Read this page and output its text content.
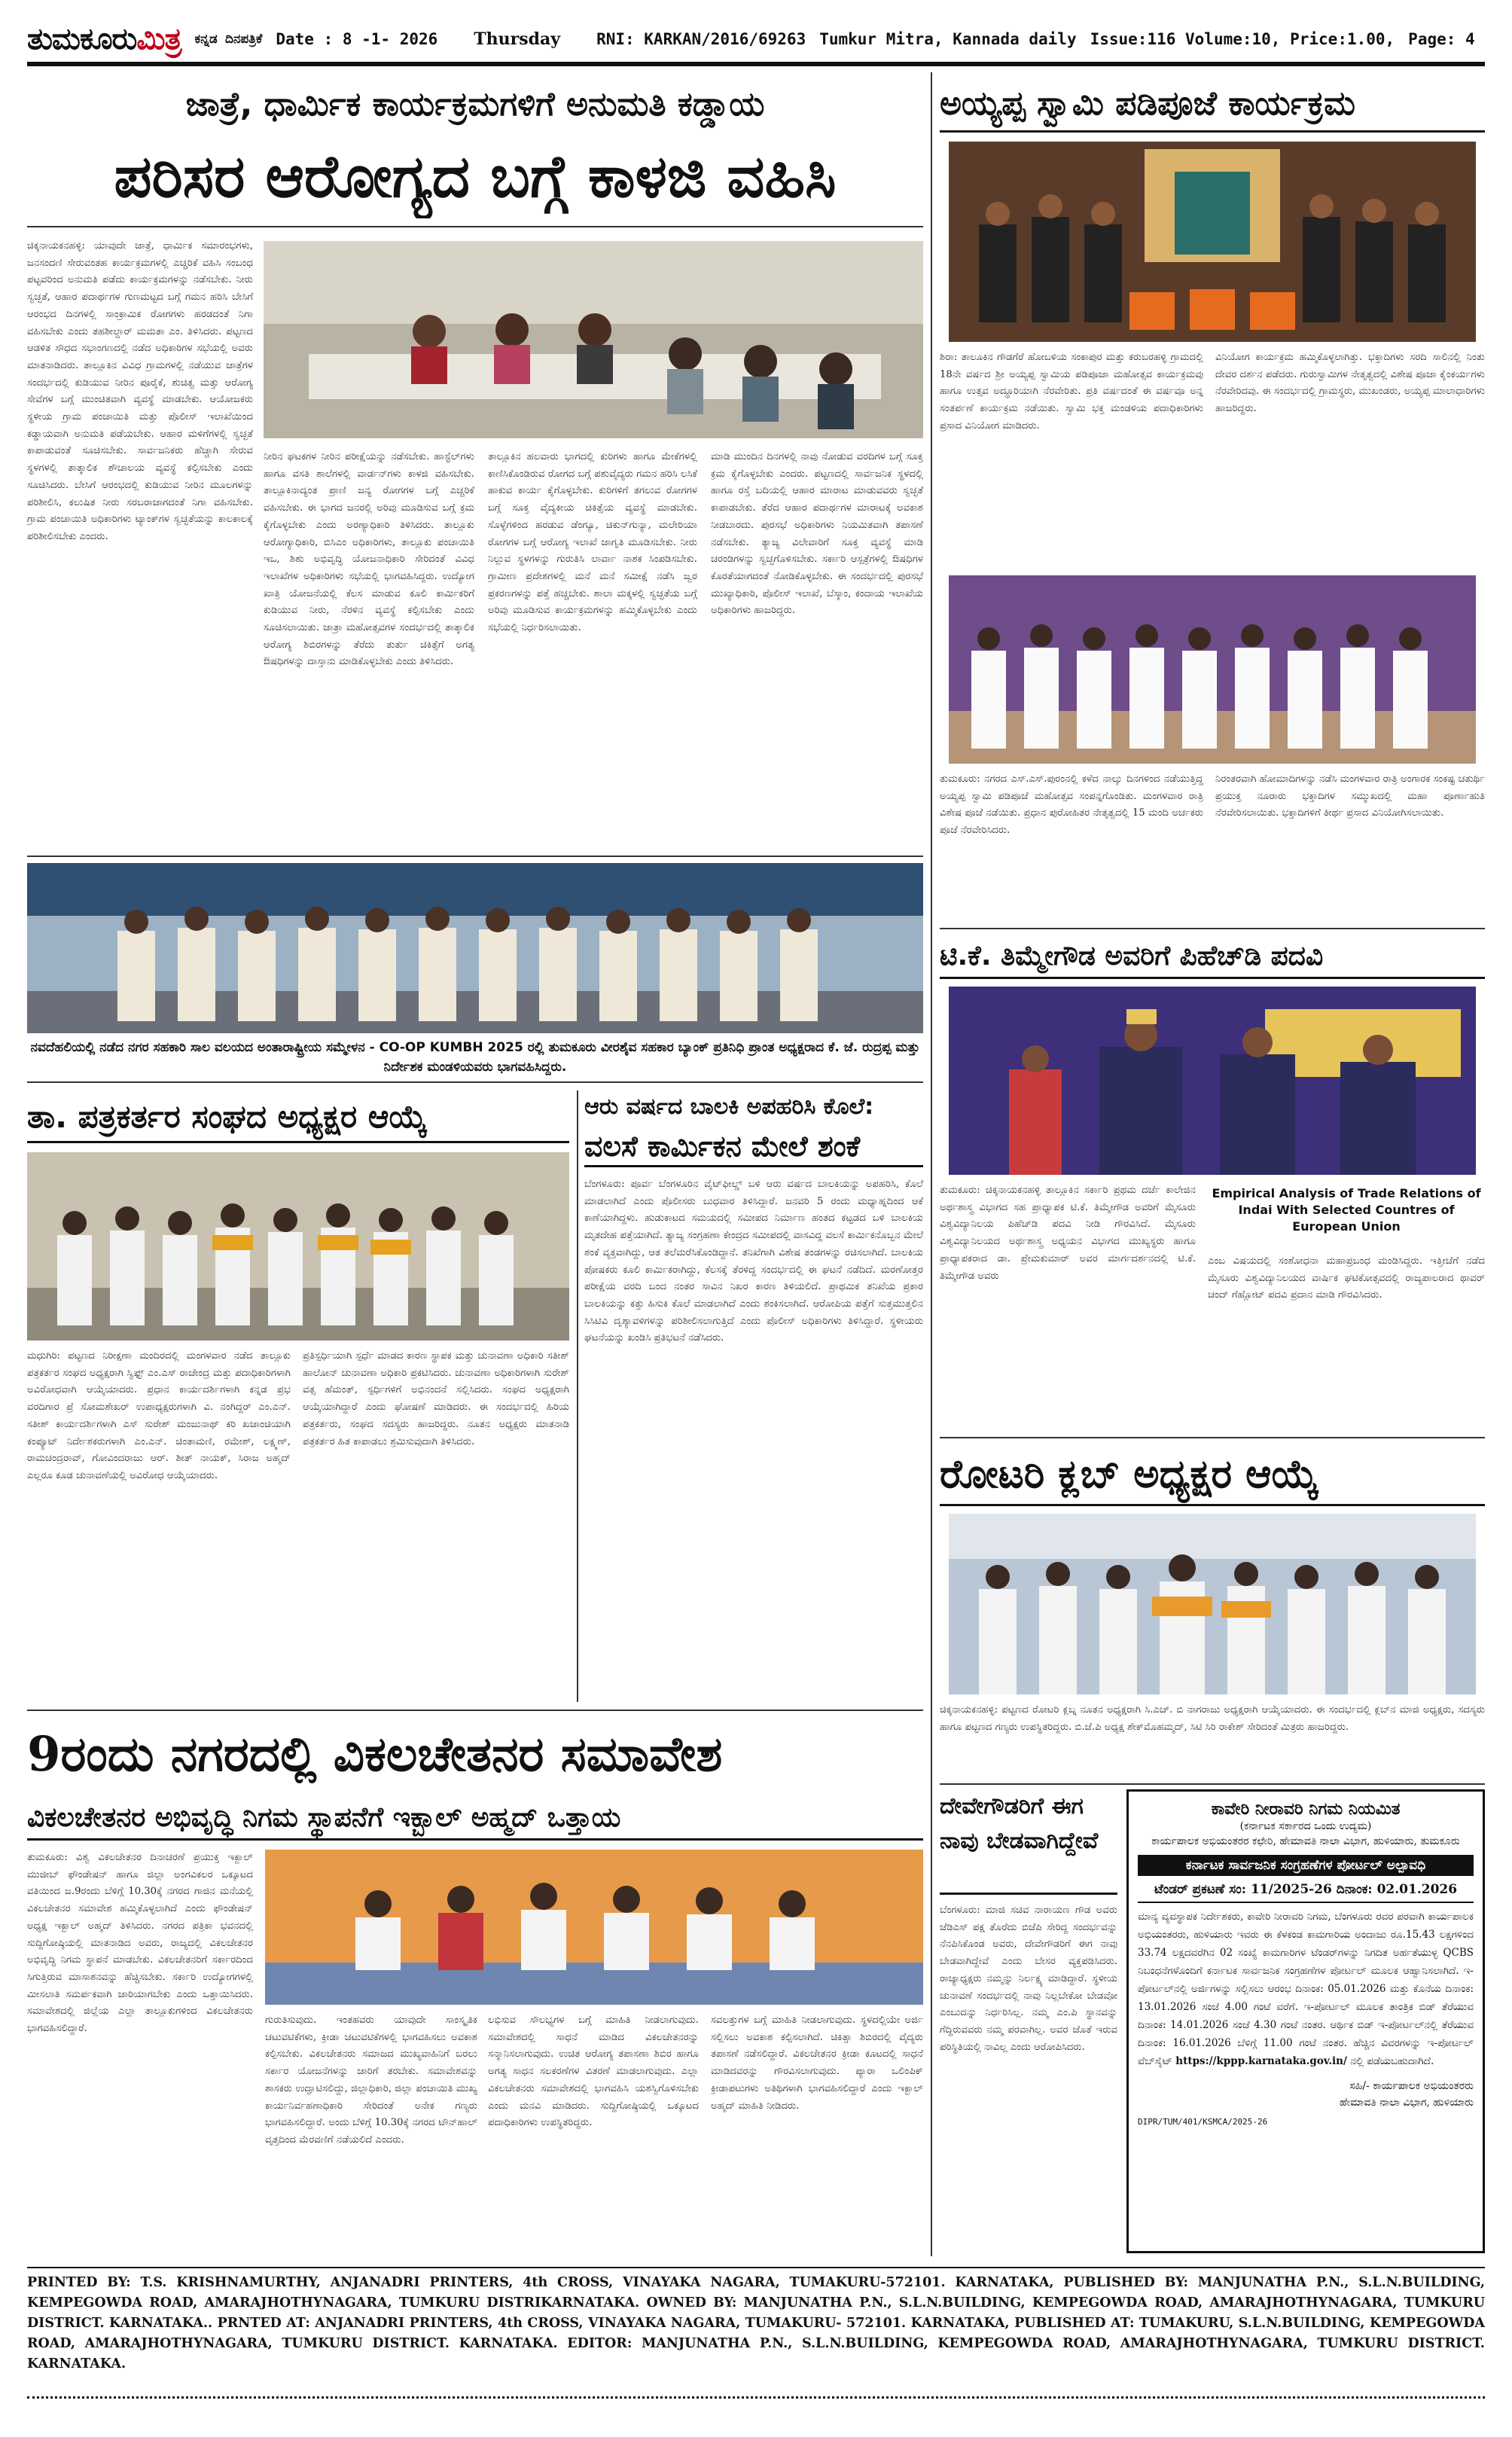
ತುಮಕೂರುಮಿತ್ರ ಕನ್ನಡ ದಿನಪತ್ರಿಕೆ Date : 8 -1- 2026 Thursday RNI: KARKAN/2016/69263 Tumkur Mitra, Kannada daily Issue:116 Volume:10, Price:1.00, Page: 4
ಜಾತ್ರೆ, ಧಾರ್ಮಿಕ ಕಾರ್ಯಕ್ರಮಗಳಿಗೆ ಅನುಮತಿ ಕಡ್ಡಾಯ
ಪರಿಸರ ಆರೋಗ್ಯದ ಬಗ್ಗೆ ಕಾಳಜಿ ವಹಿಸಿ
ಚಿಕ್ಕನಾಯಕನಹಳ್ಳಿ: ಯಾವುದೇ ಜಾತ್ರೆ, ಧಾರ್ಮಿಕ ಸಮಾರಂಭಗಳು, ಜನಸಂದಣಿ ಸೇರುವಂತಹ ಕಾರ್ಯಕ್ರಮಗಳಲ್ಲಿ ಎಚ್ಚರಿಕೆ ವಹಿಸಿ ಸಂಬಂಧ ಪಟ್ಟವರಿಂದ ಅನುಮತಿ ಪಡೆದು ಕಾರ್ಯಕ್ರಮಗಳನ್ನು ನಡೆಸಬೇಕು. ನೀರು ಸ್ವಚ್ಛತೆ, ಆಹಾರ ಪದಾರ್ಥಗಳ ಗುಣಮಟ್ಟದ ಬಗ್ಗೆ ಗಮನ ಹರಿಸಿ ಬೇಸಿಗೆ ಆರಂಭದ ದಿನಗಳಲ್ಲಿ ಸಾಂಕ್ರಾಮಿಕ ರೋಗಗಳು ಹರಡದಂತೆ ನಿಗಾ ವಹಿಸಬೇಕು ಎಂದು ತಹಶೀಲ್ದಾರ್ ಮಮತಾ ಎಂ. ತಿಳಿಸಿದರು. ಪಟ್ಟಣದ ಆಡಳಿತ ಸೌಧದ ಸಭಾಂಗಣದಲ್ಲಿ ನಡೆದ ಅಧಿಕಾರಿಗಳ ಸಭೆಯಲ್ಲಿ ಅವರು ಮಾತನಾಡಿದರು. ತಾಲ್ಲೂಕಿನ ವಿವಿಧ ಗ್ರಾಮಗಳಲ್ಲಿ ನಡೆಯುವ ಜಾತ್ರೆಗಳ ಸಂದರ್ಭದಲ್ಲಿ ಕುಡಿಯುವ ನೀರಿನ ಪೂರೈಕೆ, ಶುಚಿತ್ವ ಮತ್ತು ಆರೋಗ್ಯ ಸೇವೆಗಳ ಬಗ್ಗೆ ಮುಂಚಿತವಾಗಿ ವ್ಯವಸ್ಥೆ ಮಾಡಬೇಕು. ಆಯೋಜಕರು ಸ್ಥಳೀಯ ಗ್ರಾಮ ಪಂಚಾಯಿತಿ ಮತ್ತು ಪೊಲೀಸ್ ಇಲಾಖೆಯಿಂದ ಕಡ್ಡಾಯವಾಗಿ ಅನುಮತಿ ಪಡೆಯಬೇಕು. ಆಹಾರ ಮಳಿಗೆಗಳಲ್ಲಿ ಸ್ವಚ್ಛತೆ ಕಾಪಾಡುವಂತೆ ಸೂಚಿಸಬೇಕು. ಸಾರ್ವಜನಿಕರು ಹೆಚ್ಚಾಗಿ ಸೇರುವ ಸ್ಥಳಗಳಲ್ಲಿ ತಾತ್ಕಾಲಿಕ ಶೌಚಾಲಯ ವ್ಯವಸ್ಥೆ ಕಲ್ಪಿಸಬೇಕು ಎಂದು ಸೂಚಿಸಿದರು. ಬೇಸಿಗೆ ಆರಂಭದಲ್ಲಿ ಕುಡಿಯುವ ನೀರಿನ ಮೂಲಗಳನ್ನು ಪರಿಶೀಲಿಸಿ, ಕಲುಷಿತ ನೀರು ಸರಬರಾಜಾಗದಂತೆ ನಿಗಾ ವಹಿಸಬೇಕು. ಗ್ರಾಮ ಪಂಚಾಯಿತಿ ಅಧಿಕಾರಿಗಳು ಟ್ಯಾಂಕ್‌ಗಳ ಸ್ವಚ್ಛತೆಯನ್ನು ಕಾಲಕಾಲಕ್ಕೆ ಪರಿಶೀಲಿಸಬೇಕು ಎಂದರು.
ನೀರಿನ ಘಟಕಗಳ ನೀರಿನ ಪರೀಕ್ಷೆಯನ್ನು ನಡೆಸಬೇಕು. ಹಾಸ್ಟೆಲ್‌ಗಳು ಹಾಗೂ ವಸತಿ ಶಾಲೆಗಳಲ್ಲಿ ವಾರ್ಡನ್‌ಗಳು ಕಾಳಜಿ ವಹಿಸಬೇಕು. ತಾಲ್ಲೂಕಿನಾದ್ಯಂತ ಪ್ರಾಣಿ ಜನ್ಯ ರೋಗಗಳ ಬಗ್ಗೆ ಎಚ್ಚರಿಕೆ ವಹಿಸಬೇಕು. ಈ ಭಾಗದ ಜನರಲ್ಲಿ ಅರಿವು ಮೂಡಿಸುವ ಬಗ್ಗೆ ಕ್ರಮ ಕೈಗೊಳ್ಳಬೇಕು ಎಂದು ಅರಣ್ಯಾಧಿಕಾರಿ ತಿಳಿಸಿದರು. ತಾಲ್ಲೂಕು ಆರೋಗ್ಯಾಧಿಕಾರಿ, ಬಿಸಿಎಂ ಅಧಿಕಾರಿಗಳು, ತಾಲ್ಲೂಕು ಪಂಚಾಯಿತಿ ಇಒ, ಶಿಶು ಅಭಿವೃದ್ಧಿ ಯೋಜನಾಧಿಕಾರಿ ಸೇರಿದಂತೆ ವಿವಿಧ ಇಲಾಖೆಗಳ ಅಧಿಕಾರಿಗಳು ಸಭೆಯಲ್ಲಿ ಭಾಗವಹಿಸಿದ್ದರು. ಉದ್ಯೋಗ ಖಾತ್ರಿ ಯೋಜನೆಯಲ್ಲಿ ಕೆಲಸ ಮಾಡುವ ಕೂಲಿ ಕಾರ್ಮಿಕರಿಗೆ ಕುಡಿಯುವ ನೀರು, ನೆರಳಿನ ವ್ಯವಸ್ಥೆ ಕಲ್ಪಿಸಬೇಕು ಎಂದು ಸೂಚಿಸಲಾಯಿತು. ಜಾತ್ರಾ ಮಹೋತ್ಸವಗಳ ಸಂದರ್ಭದಲ್ಲಿ ತಾತ್ಕಾಲಿಕ ಆರೋಗ್ಯ ಶಿಬಿರಗಳನ್ನು ತೆರೆದು ತುರ್ತು ಚಿಕಿತ್ಸೆಗೆ ಅಗತ್ಯ ಔಷಧಿಗಳನ್ನು ದಾಸ್ತಾನು ಮಾಡಿಕೊಳ್ಳಬೇಕು ಎಂದು ತಿಳಿಸಿದರು.
ತಾಲ್ಲೂಕಿನ ಹಲವಾರು ಭಾಗದಲ್ಲಿ ಕುರಿಗಳು ಹಾಗೂ ಮೇಕೆಗಳಲ್ಲಿ ಕಾಣಿಸಿಕೊಂಡಿರುವ ರೋಗದ ಬಗ್ಗೆ ಪಶುವೈದ್ಯರು ಗಮನ ಹರಿಸಿ ಲಸಿಕೆ ಹಾಕುವ ಕಾರ್ಯ ಕೈಗೊಳ್ಳಬೇಕು. ಕುರಿಗಳಿಗೆ ತಗಲುವ ರೋಗಗಳ ಬಗ್ಗೆ ಸೂಕ್ತ ವೈದ್ಯಕೀಯ ಚಿಕಿತ್ಸೆಯ ವ್ಯವಸ್ಥೆ ಮಾಡಬೇಕು. ಸೊಳ್ಳೆಗಳಿಂದ ಹರಡುವ ಡೆಂಗ್ಯೂ, ಚಿಕುನ್‌ಗುನ್ಯಾ, ಮಲೇರಿಯಾ ರೋಗಗಳ ಬಗ್ಗೆ ಆರೋಗ್ಯ ಇಲಾಖೆ ಜಾಗೃತಿ ಮೂಡಿಸಬೇಕು. ನೀರು ನಿಲ್ಲುವ ಸ್ಥಳಗಳನ್ನು ಗುರುತಿಸಿ ಲಾರ್ವಾ ನಾಶಕ ಸಿಂಪಡಿಸಬೇಕು. ಗ್ರಾಮೀಣ ಪ್ರದೇಶಗಳಲ್ಲಿ ಮನೆ ಮನೆ ಸಮೀಕ್ಷೆ ನಡೆಸಿ ಜ್ವರ ಪ್ರಕರಣಗಳನ್ನು ಪತ್ತೆ ಹಚ್ಚಬೇಕು. ಶಾಲಾ ಮಕ್ಕಳಲ್ಲಿ ಸ್ವಚ್ಛತೆಯ ಬಗ್ಗೆ ಅರಿವು ಮೂಡಿಸುವ ಕಾರ್ಯಕ್ರಮಗಳನ್ನು ಹಮ್ಮಿಕೊಳ್ಳಬೇಕು ಎಂದು ಸಭೆಯಲ್ಲಿ ನಿರ್ಧರಿಸಲಾಯಿತು.
ಮಾಡಿ ಮುಂದಿನ ದಿನಗಳಲ್ಲಿ ನಾವು ನೋಡುವ ವರದಿಗಳ ಬಗ್ಗೆ ಸೂಕ್ತ ಕ್ರಮ ಕೈಗೊಳ್ಳಬೇಕು ಎಂದರು. ಪಟ್ಟಣದಲ್ಲಿ ಸಾರ್ವಜನಿಕ ಸ್ಥಳದಲ್ಲಿ ಹಾಗೂ ರಸ್ತೆ ಬದಿಯಲ್ಲಿ ಆಹಾರ ಮಾರಾಟ ಮಾಡುವವರು ಸ್ವಚ್ಛತೆ ಕಾಪಾಡಬೇಕು. ತೆರೆದ ಆಹಾರ ಪದಾರ್ಥಗಳ ಮಾರಾಟಕ್ಕೆ ಅವಕಾಶ ನೀಡಬಾರದು. ಪುರಸಭೆ ಅಧಿಕಾರಿಗಳು ನಿಯಮಿತವಾಗಿ ತಪಾಸಣೆ ನಡೆಸಬೇಕು. ತ್ಯಾಜ್ಯ ವಿಲೇವಾರಿಗೆ ಸೂಕ್ತ ವ್ಯವಸ್ಥೆ ಮಾಡಿ ಚರಂಡಿಗಳನ್ನು ಸ್ವಚ್ಛಗೊಳಿಸಬೇಕು. ಸರ್ಕಾರಿ ಆಸ್ಪತ್ರೆಗಳಲ್ಲಿ ಔಷಧಿಗಳ ಕೊರತೆಯಾಗದಂತೆ ನೋಡಿಕೊಳ್ಳಬೇಕು. ಈ ಸಂದರ್ಭದಲ್ಲಿ ಪುರಸಭೆ ಮುಖ್ಯಾಧಿಕಾರಿ, ಪೊಲೀಸ್ ಇಲಾಖೆ, ಬೆಸ್ಕಾಂ, ಕಂದಾಯ ಇಲಾಖೆಯ ಅಧಿಕಾರಿಗಳು ಹಾಜರಿದ್ದರು.
ನವದೆಹಲಿಯಲ್ಲಿ ನಡೆದ ನಗರ ಸಹಕಾರಿ ಸಾಲ ವಲಯದ ಅಂತಾರಾಷ್ಟ್ರೀಯ ಸಮ್ಮೇಳನ - CO-OP KUMBH 2025 ರಲ್ಲಿ ತುಮಕೂರು ವೀರಶೈವ ಸಹಕಾರ ಬ್ಯಾಂಕ್ ಪ್ರತಿನಿಧಿ ಪ್ರಾಂತ ಅಧ್ಯಕ್ಷರಾದ ಕೆ. ಜೆ. ರುದ್ರಪ್ಪ ಮತ್ತು ನಿರ್ದೇಶಕ ಮಂಡಳಿಯವರು ಭಾಗವಹಿಸಿದ್ದರು.
ತಾ. ಪತ್ರಕರ್ತರ ಸಂಘದ ಅಧ್ಯಕ್ಷರ ಆಯ್ಕೆ
ಮಧುಗಿರಿ: ಪಟ್ಟಣದ ನಿರೀಕ್ಷಣಾ ಮಂದಿರದಲ್ಲಿ ಮಂಗಳವಾರ ನಡೆದ ತಾಲ್ಲೂಕು ಪತ್ರಕರ್ತರ ಸಂಘದ ಅಧ್ಯಕ್ಷರಾಗಿ ಸ್ವಿಫ್ಟ್ ಎಂ.ಎಸ್ ರಾಜೇಂದ್ರ ಮತ್ತು ಪದಾಧಿಕಾರಿಗಳಾಗಿ ಅವಿರೋಧವಾಗಿ ಆಯ್ಕೆಯಾದರು. ಪ್ರಧಾನ ಕಾರ್ಯದರ್ಶಿಗಳಾಗಿ ಕನ್ನಡ ಪ್ರಭ ವರದಿಗಾರ ಪ್ರೆ ಸೋಮಶೇಖರ್ ಉಪಾಧ್ಯಕ್ಷರುಗಳಾಗಿ ವಿ. ನಂಗಿದ್ದರ್ ಎಂ.ಎನ್. ಸತೀಶ್ ಕಾರ್ಯದರ್ಶಿಗಳಾಗಿ ಎಸ್ ಸುರೇಶ್ ಮಂಜುನಾಥ್ ಕರಿ ಖಜಾಂಚಿಯಾಗಿ ಕಂಪ್ಯೂಟ್ ನಿರ್ದೇಶಕರುಗಳಾಗಿ ಎಂ.ಎನ್. ಚಿಂತಾಮಣಿ, ರಮೇಶ್, ಲಕ್ಷ್ಮಣ್, ರಾಮಚಂದ್ರರಾವ್, ಗೋವಿಂದರಾಜು ಆರ್. ಶೀತ್ ನಾಯಕ್, ಸಿರಾಜ ಅಹ್ಮದ್ ಎಲ್ಲರೂ ಕೂಡ ಚುನಾವಣೆಯಲ್ಲಿ ಅವಿರೋಧ ಆಯ್ಕೆಯಾದರು.
ಪ್ರತಿಸ್ಪರ್ಧಿಯಾಗಿ ಸ್ಪರ್ಧೆ ಮಾಡದ ಕಾರಣ ಸ್ಥಾಪಕ ಮತ್ತು ಚುನಾವಣಾ ಅಧಿಕಾರಿ ಸತೀಶ್ ಹಾಲೋನ್ ಚುನಾವಣಾ ಅಧಿಕಾರಿ ಪ್ರಕಟಿಸಿದರು. ಚುನಾವಣಾ ಅಧಿಕಾರಿಗಳಾಗಿ ಸುರೇಶ್ ವತ್ಸ ಹೆಮಂತ್, ಸ್ಪರ್ಧಿಗಳಿಗೆ ಅಭಿನಂದನೆ ಸಲ್ಲಿಸಿದರು. ಸಂಘದ ಅಧ್ಯಕ್ಷರಾಗಿ ಆಯ್ಕೆಯಾಗಿದ್ದಾರೆ ಎಂದು ಘೋಷಣೆ ಮಾಡಿದರು. ಈ ಸಂದರ್ಭದಲ್ಲಿ ಹಿರಿಯ ಪತ್ರಕರ್ತರು, ಸಂಘದ ಸದಸ್ಯರು ಹಾಜರಿದ್ದರು. ನೂತನ ಅಧ್ಯಕ್ಷರು ಮಾತನಾಡಿ ಪತ್ರಕರ್ತರ ಹಿತ ಕಾಪಾಡಲು ಶ್ರಮಿಸುವುದಾಗಿ ತಿಳಿಸಿದರು.
ಆರು ವರ್ಷದ ಬಾಲಕಿ ಅಪಹರಿಸಿ ಕೊಲೆ:
ವಲಸೆ ಕಾರ್ಮಿಕನ ಮೇಲೆ ಶಂಕೆ
ಬೆಂಗಳೂರು: ಪೂರ್ವ ಬೆಂಗಳೂರಿನ ವೈಟ್‌ಫೀಲ್ಡ್ ಬಳಿ ಆರು ವರ್ಷದ ಬಾಲಕಿಯನ್ನು ಅಪಹರಿಸಿ, ಕೊಲೆ ಮಾಡಲಾಗಿದೆ ಎಂದು ಪೊಲೀಸರು ಬುಧವಾರ ತಿಳಿಸಿದ್ದಾರೆ. ಜನವರಿ 5 ರಂದು ಮಧ್ಯಾಹ್ನದಿಂದ ಆಕೆ ಕಾಣೆಯಾಗಿದ್ದಳು. ಹುಡುಕಾಟದ ಸಮಯದಲ್ಲಿ ಸಮೀಪದ ನಿರ್ಮಾಣ ಹಂತದ ಕಟ್ಟಡದ ಬಳಿ ಬಾಲಕಿಯ ಮೃತದೇಹ ಪತ್ತೆಯಾಗಿದೆ. ತ್ಯಾಜ್ಯ ಸಂಗ್ರಹಣಾ ಕೇಂದ್ರದ ಸಮೀಪದಲ್ಲಿ ವಾಸವಿದ್ದ ವಲಸೆ ಕಾರ್ಮಿಕನೊಬ್ಬನ ಮೇಲೆ ಶಂಕೆ ವ್ಯಕ್ತವಾಗಿದ್ದು, ಆತ ತಲೆಮರೆಸಿಕೊಂಡಿದ್ದಾನೆ. ತನಿಖೆಗಾಗಿ ವಿಶೇಷ ತಂಡಗಳನ್ನು ರಚಿಸಲಾಗಿದೆ. ಬಾಲಕಿಯ ಪೋಷಕರು ಕೂಲಿ ಕಾರ್ಮಿಕರಾಗಿದ್ದು, ಕೆಲಸಕ್ಕೆ ತೆರಳಿದ್ದ ಸಂದರ್ಭದಲ್ಲಿ ಈ ಘಟನೆ ನಡೆದಿದೆ. ಮರಣೋತ್ತರ ಪರೀಕ್ಷೆಯ ವರದಿ ಬಂದ ನಂತರ ಸಾವಿನ ನಿಖರ ಕಾರಣ ತಿಳಿಯಲಿದೆ. ಪ್ರಾಥಮಿಕ ತನಿಖೆಯ ಪ್ರಕಾರ ಬಾಲಕಿಯನ್ನು ಕತ್ತು ಹಿಸುಕಿ ಕೊಲೆ ಮಾಡಲಾಗಿದೆ ಎಂದು ಶಂಕಿಸಲಾಗಿದೆ. ಆರೋಪಿಯ ಪತ್ತೆಗೆ ಸುತ್ತಮುತ್ತಲಿನ ಸಿಸಿಟಿವಿ ದೃಶ್ಯಾವಳಿಗಳನ್ನು ಪರಿಶೀಲಿಸಲಾಗುತ್ತಿದೆ ಎಂದು ಪೊಲೀಸ್ ಅಧಿಕಾರಿಗಳು ತಿಳಿಸಿದ್ದಾರೆ. ಸ್ಥಳೀಯರು ಘಟನೆಯನ್ನು ಖಂಡಿಸಿ ಪ್ರತಿಭಟನೆ ನಡೆಸಿದರು.
9ರಂದು ನಗರದಲ್ಲಿ ವಿಕಲಚೇತನರ ಸಮಾವೇಶ
ವಿಕಲಚೇತನರ ಅಭಿವೃದ್ಧಿ ನಿಗಮ ಸ್ಥಾಪನೆಗೆ ಇಕ್ಬಾಲ್ ಅಹ್ಮದ್ ಒತ್ತಾಯ
ತುಮಕೂರು: ವಿಶ್ವ ವಿಕಲಚೇತನರ ದಿನಾಚರಣೆ ಪ್ರಯುಕ್ತ ಇಕ್ಬಾಲ್ ಮುಜೀಬ್ ಫೌಂಡೇಷನ್ ಹಾಗೂ ಜಿಲ್ಲಾ ಅಂಗವಿಕಲರ ಒಕ್ಕೂಟದ ವತಿಯಿಂದ ಜ.9ರಂದು ಬೆಳಿಗ್ಗೆ 10.30ಕ್ಕೆ ನಗರದ ಗಾಜಿನ ಮನೆಯಲ್ಲಿ ವಿಕಲಚೇತನರ ಸಮಾವೇಶ ಹಮ್ಮಿಕೊಳ್ಳಲಾಗಿದೆ ಎಂದು ಫೌಂಡೇಷನ್ ಅಧ್ಯಕ್ಷ ಇಕ್ಬಾಲ್ ಅಹ್ಮದ್ ತಿಳಿಸಿದರು. ನಗರದ ಪತ್ರಿಕಾ ಭವನದಲ್ಲಿ ಸುದ್ದಿಗೋಷ್ಠಿಯಲ್ಲಿ ಮಾತನಾಡಿದ ಅವರು, ರಾಜ್ಯದಲ್ಲಿ ವಿಕಲಚೇತನರ ಅಭಿವೃದ್ಧಿ ನಿಗಮ ಸ್ಥಾಪನೆ ಮಾಡಬೇಕು. ವಿಕಲಚೇತನರಿಗೆ ಸರ್ಕಾರದಿಂದ ಸಿಗುತ್ತಿರುವ ಮಾಸಾಶನವನ್ನು ಹೆಚ್ಚಿಸಬೇಕು. ಸರ್ಕಾರಿ ಉದ್ಯೋಗಗಳಲ್ಲಿ ಮೀಸಲಾತಿ ಸಮರ್ಪಕವಾಗಿ ಜಾರಿಯಾಗಬೇಕು ಎಂದು ಒತ್ತಾಯಿಸಿದರು. ಸಮಾವೇಶದಲ್ಲಿ ಜಿಲ್ಲೆಯ ಎಲ್ಲಾ ತಾಲ್ಲೂಕುಗಳಿಂದ ವಿಕಲಚೇತನರು ಭಾಗವಹಿಸಲಿದ್ದಾರೆ.
ಗುರುತಿಸುವುದು. ಇಂತಹವರು ಯಾವುದೇ ಸಾಂಸ್ಕೃತಿಕ ಚಟುವಟಿಕೆಗಳು, ಕ್ರೀಡಾ ಚಟುವಟಿಕೆಗಳಲ್ಲಿ ಭಾಗವಹಿಸಲು ಅವಕಾಶ ಕಲ್ಪಿಸಬೇಕು. ವಿಕಲಚೇತನರು ಸಮಾಜದ ಮುಖ್ಯವಾಹಿನಿಗೆ ಬರಲು ಸರ್ಕಾರ ಯೋಜನೆಗಳನ್ನು ಜಾರಿಗೆ ತರಬೇಕು. ಸಮಾವೇಶವನ್ನು ಶಾಸಕರು ಉದ್ಘಾಟಿಸಲಿದ್ದು, ಜಿಲ್ಲಾಧಿಕಾರಿ, ಜಿಲ್ಲಾ ಪಂಚಾಯಿತಿ ಮುಖ್ಯ ಕಾರ್ಯನಿರ್ವಹಣಾಧಿಕಾರಿ ಸೇರಿದಂತೆ ಅನೇಕ ಗಣ್ಯರು ಭಾಗವಹಿಸಲಿದ್ದಾರೆ. ಅಂದು ಬೆಳಿಗ್ಗೆ 10.30ಕ್ಕೆ ನಗರದ ಟೌನ್‌ಹಾಲ್ ವೃತ್ತದಿಂದ ಮೆರವಣಿಗೆ ನಡೆಯಲಿದೆ ಎಂದರು.
ಲಭಿಸುವ ಸೌಲಭ್ಯಗಳ ಬಗ್ಗೆ ಮಾಹಿತಿ ನೀಡಲಾಗುವುದು. ಸಮಾವೇಶದಲ್ಲಿ ಸಾಧನೆ ಮಾಡಿದ ವಿಕಲಚೇತನರನ್ನು ಸನ್ಮಾನಿಸಲಾಗುವುದು. ಉಚಿತ ಆರೋಗ್ಯ ತಪಾಸಣಾ ಶಿಬಿರ ಹಾಗೂ ಅಗತ್ಯ ಸಾಧನ ಸಲಕರಣೆಗಳ ವಿತರಣೆ ಮಾಡಲಾಗುವುದು. ಎಲ್ಲಾ ವಿಕಲಚೇತನರು ಸಮಾವೇಶದಲ್ಲಿ ಭಾಗವಹಿಸಿ ಯಶಸ್ವಿಗೊಳಿಸಬೇಕು ಎಂದು ಮನವಿ ಮಾಡಿದರು. ಸುದ್ದಿಗೋಷ್ಠಿಯಲ್ಲಿ ಒಕ್ಕೂಟದ ಪದಾಧಿಕಾರಿಗಳು ಉಪಸ್ಥಿತರಿದ್ದರು.
ಸವಲತ್ತುಗಳ ಬಗ್ಗೆ ಮಾಹಿತಿ ನೀಡಲಾಗುವುದು. ಸ್ಥಳದಲ್ಲಿಯೇ ಅರ್ಜಿ ಸಲ್ಲಿಸಲು ಅವಕಾಶ ಕಲ್ಪಿಸಲಾಗಿದೆ. ಚಿಕಿತ್ಸಾ ಶಿಬಿರದಲ್ಲಿ ವೈದ್ಯರು ತಪಾಸಣೆ ನಡೆಸಲಿದ್ದಾರೆ. ವಿಕಲಚೇತನರ ಕ್ರೀಡಾ ಕೂಟದಲ್ಲಿ ಸಾಧನೆ ಮಾಡಿದವರನ್ನು ಗೌರವಿಸಲಾಗುವುದು. ಪ್ಯಾರಾ ಒಲಿಂಪಿಕ್ ಕ್ರೀಡಾಪಟುಗಳು ಅತಿಥಿಗಳಾಗಿ ಭಾಗವಹಿಸಲಿದ್ದಾರೆ ಎಂದು ಇಕ್ಬಾಲ್ ಅಹ್ಮದ್ ಮಾಹಿತಿ ನೀಡಿದರು.
ಅಯ್ಯಪ್ಪ ಸ್ವಾಮಿ ಪಡಿಪೂಜೆ ಕಾರ್ಯಕ್ರಮ
ಶಿರಾ: ತಾಲೂಕಿನ ಗೌಡಗೆರೆ ಹೋಬಳಿಯ ಸಂಕಾಪುರ ಮತ್ತು ಕರುಬರಹಳ್ಳಿ ಗ್ರಾಮದಲ್ಲಿ 18ನೇ ವರ್ಷದ ಶ್ರೀ ಅಯ್ಯಪ್ಪ ಸ್ವಾಮಿಯ ಪಡಿಪೂಜಾ ಮಹೋತ್ಸವ ಕಾರ್ಯಕ್ರಮವು ಹಾಗೂ ಉತ್ಸವ ಅದ್ಧೂರಿಯಾಗಿ ನೆರವೇರಿತು. ಪ್ರತಿ ವರ್ಷದಂತೆ ಈ ವರ್ಷವೂ ಅನ್ನ ಸಂತರ್ಪಣೆ ಕಾರ್ಯಕ್ರಮ ನಡೆಯಿತು. ಸ್ವಾಮಿ ಭಕ್ತ ಮಂಡಳಿಯ ಪದಾಧಿಕಾರಿಗಳು ಪ್ರಸಾದ ವಿನಿಯೋಗ ಮಾಡಿದರು.
ವಿನಿಯೋಗ ಕಾರ್ಯಕ್ರಮ ಹಮ್ಮಿಕೊಳ್ಳಲಾಗಿತ್ತು. ಭಕ್ತಾದಿಗಳು ಸರದಿ ಸಾಲಿನಲ್ಲಿ ನಿಂತು ದೇವರ ದರ್ಶನ ಪಡೆದರು. ಗುರುಸ್ವಾಮಿಗಳ ನೇತೃತ್ವದಲ್ಲಿ ವಿಶೇಷ ಪೂಜಾ ಕೈಂಕರ್ಯಗಳು ನೆರವೇರಿದವು. ಈ ಸಂದರ್ಭದಲ್ಲಿ ಗ್ರಾಮಸ್ಥರು, ಮುಖಂಡರು, ಅಯ್ಯಪ್ಪ ಮಾಲಾಧಾರಿಗಳು ಹಾಜರಿದ್ದರು.
ತುಮಕೂರು: ನಗರದ ಎಸ್.ಎಸ್.ಪುರಂನಲ್ಲಿ ಕಳೆದ ನಾಲ್ಕು ದಿನಗಳಿಂದ ನಡೆಯುತ್ತಿದ್ದ ಅಯ್ಯಪ್ಪ ಸ್ವಾಮಿ ಪಡಿಪೂಜೆ ಮಹೋತ್ಸವ ಸಂಪನ್ನಗೊಂಡಿತು. ಮಂಗಳವಾರ ರಾತ್ರಿ ವಿಶೇಷ ಪೂಜೆ ನಡೆಯಿತು. ಪ್ರಧಾನ ಪುರೋಹಿತರ ನೇತೃತ್ವದಲ್ಲಿ 15 ಮಂದಿ ಅರ್ಚಕರು ಪೂಜೆ ನೆರವೇರಿಸಿದರು.
ನಿರಂತರವಾಗಿ ಹೋಮಾದಿಗಳನ್ನು ನಡೆಸಿ ಮಂಗಳವಾರ ರಾತ್ರಿ ಅಂಗಾರಕ ಸಂಕಷ್ಟ ಚತುರ್ಥಿ ಪ್ರಯುಕ್ತ ನೂರಾರು ಭಕ್ತಾದಿಗಳ ಸಮ್ಮುಖದಲ್ಲಿ ಮಹಾ ಪೂರ್ಣಾಹುತಿ ನೆರವೇರಿಸಲಾಯಿತು. ಭಕ್ತಾದಿಗಳಿಗೆ ತೀರ್ಥ ಪ್ರಸಾದ ವಿನಿಯೋಗಿಸಲಾಯಿತು.
ಟಿ.ಕೆ. ತಿಮ್ಮೇಗೌಡ ಅವರಿಗೆ ಪಿಹೆಚ್‌ಡಿ ಪದವಿ
ತುಮಕೂರು: ಚಿಕ್ಕನಾಯಕನಹಳ್ಳಿ ತಾಲ್ಲೂಕಿನ ಸರ್ಕಾರಿ ಪ್ರಥಮ ದರ್ಜೆ ಕಾಲೇಜಿನ ಅರ್ಥಶಾಸ್ತ್ರ ವಿಭಾಗದ ಸಹ ಪ್ರಾಧ್ಯಾಪಕ ಟಿ.ಕೆ. ತಿಮ್ಮೇಗೌಡ ಅವರಿಗೆ ಮೈಸೂರು ವಿಶ್ವವಿದ್ಯಾನಿಲಯ ಪಿಹೆಚ್‌ಡಿ ಪದವಿ ನೀಡಿ ಗೌರವಿಸಿದೆ. ಮೈಸೂರು ವಿಶ್ವವಿದ್ಯಾನಿಲಯದ ಅರ್ಥಶಾಸ್ತ್ರ ಅಧ್ಯಯನ ವಿಭಾಗದ ಮುಖ್ಯಸ್ಥರು ಹಾಗೂ ಪ್ರಾಧ್ಯಾಪಕರಾದ ಡಾ. ಪ್ರೇಮಕುಮಾರ್ ಅವರ ಮಾರ್ಗದರ್ಶನದಲ್ಲಿ ಟಿ.ಕೆ. ತಿಮ್ಮೇಗೌಡ ಅವರು
Empirical Analysis of Trade Relations of Indai With Selected Countres of European Union
ಎಂಬ ವಿಷಯದಲ್ಲಿ ಸಂಶೋಧನಾ ಮಹಾಪ್ರಬಂಧ ಮಂಡಿಸಿದ್ದರು. ಇತ್ತೀಚೆಗೆ ನಡೆದ ಮೈಸೂರು ವಿಶ್ವವಿದ್ಯಾನಿಲಯದ ವಾರ್ಷಿಕ ಘಟಿಕೋತ್ಸವದಲ್ಲಿ ರಾಜ್ಯಪಾಲರಾದ ಥಾವರ್ ಚಂದ್ ಗೆಹ್ಲೋಟ್ ಪದವಿ ಪ್ರದಾನ ಮಾಡಿ ಗೌರವಿಸಿದರು.
ರೋಟರಿ ಕ್ಲಬ್ ಅಧ್ಯಕ್ಷರ ಆಯ್ಕೆ
ಚಿಕ್ಕನಾಯಕನಹಳ್ಳಿ: ಪಟ್ಟಣದ ರೋಟರಿ ಕ್ಲಬ್ನ ನೂತನ ಅಧ್ಯಕ್ಷರಾಗಿ ಸಿ.ಎಚ್. ಬಿ ನಾಗರಾಜು ಅಧ್ಯಕ್ಷರಾಗಿ ಆಯ್ಕೆಯಾದರು. ಈ ಸಂದರ್ಭದಲ್ಲಿ ಕ್ಲಬ್‌ನ ಮಾಜಿ ಅಧ್ಯಕ್ಷರು, ಸದಸ್ಯರು ಹಾಗೂ ಪಟ್ಟಣದ ಗಣ್ಯರು ಉಪಸ್ಥಿತರಿದ್ದರು. ಬಿ.ಜೆ.ಪಿ ಅಧ್ಯಕ್ಷ ಶೇಕ್‌ಮೊಹಮ್ಮದ್, ಸಿಟಿ ಸಿರಿ ರಾಕೇಶ್ ಸೇರಿದಂತೆ ಮಿತ್ರರು ಹಾಜರಿದ್ದರು.
ದೇವೇಗೌಡರಿಗೆ ಈಗ ನಾವು ಬೇಡವಾಗಿದ್ದೇವೆ
ಬೆಂಗಳೂರು: ಮಾಜಿ ಸಚಿವ ನಾರಾಯಣ ಗೌಡ ಅವರು ಜೆಡಿಎಸ್ ಪಕ್ಷ ತೊರೆದು ಬಿಜೆಪಿ ಸೇರಿದ್ದ ಸಂದರ್ಭವನ್ನು ನೆನಪಿಸಿಕೊಂಡ ಅವರು, ದೇವೇಗೌಡರಿಗೆ ಈಗ ನಾವು ಬೇಡವಾಗಿದ್ದೇವೆ ಎಂದು ಬೇಸರ ವ್ಯಕ್ತಪಡಿಸಿದರು. ರಾಜ್ಯಾಧ್ಯಕ್ಷರು ನಮ್ಮನ್ನು ನಿರ್ಲಕ್ಷ್ಯ ಮಾಡಿದ್ದಾರೆ. ಸ್ಥಳೀಯ ಚುನಾವಣೆ ಸಂದರ್ಭದಲ್ಲಿ ನಾವು ನಿಲ್ಲಬೇಕೋ ಬೇಡವೋ ಎಂಬುದನ್ನು ನಿರ್ಧರಿಸಿಲ್ಲ. ನಮ್ಮ ಎಂ.ಪಿ ಸ್ಥಾನವನ್ನು ಗೆದ್ದಿರುವವರು ನಮ್ಮ ಪರವಾಗಿಲ್ಲ. ಅವರ ಜೊತೆ ಇರುವ ಪರಿಸ್ಥಿತಿಯಲ್ಲಿ ನಾವಿಲ್ಲ ಎಂದು ಆರೋಪಿಸಿದರು.
ಕಾವೇರಿ ನೀರಾವರಿ ನಿಗಮ ನಿಯಮಿತ
(ಕರ್ನಾಟಕ ಸರ್ಕಾರದ ಒಂದು ಉದ್ಯಮ)
ಕಾರ್ಯಪಾಲಕ ಅಭಿಯಂತರರ ಕಛೇರಿ, ಹೇಮಾವತಿ ನಾಲಾ ವಿಭಾಗ, ಹುಳಿಯಾರು, ತುಮಕೂರು
ಕರ್ನಾಟಕ ಸಾರ್ವಜನಿಕ ಸಂಗ್ರಹಣೆಗಳ ಪೋರ್ಟಲ್ ಅಲ್ಪಾವಧಿ
ಟೆಂಡರ್ ಪ್ರಕಟಣೆ ಸಂ: 11/2025-26 ದಿನಾಂಕ: 02.01.2026
ಮಾನ್ಯ ವ್ಯವಸ್ಥಾಪಕ ನಿರ್ದೇಶಕರು, ಕಾವೇರಿ ನೀರಾವರಿ ನಿಗಮ, ಬೆಂಗಳೂರು ರವರ ಪರವಾಗಿ ಕಾರ್ಯಪಾಲಕ ಅಭಿಯಂತರರು, ಹುಳಿಯಾರು ಇವರು ಈ ಕೆಳಕಂಡ ಕಾಮಗಾರಿಯ ಅಂದಾಜು ರೂ.15.43 ಲಕ್ಷಗಳಿಂದ 33.74 ಲಕ್ಷದವರೆಗಿನ 02 ಸಂಖ್ಯೆ ಕಾಮಗಾರಿಗಳ ಟೆಂಡರ್‌ಗಳನ್ನು ನಿಗದಿತ ಅರ್ಹತೆಯುಳ್ಳ QCBS ನಿಬಂಧನೆಗಳೊಂದಿಗೆ ಕರ್ನಾಟಕ ಸಾರ್ವಜನಿಕ ಸಂಗ್ರಹಣೆಗಳ ಪೋರ್ಟಲ್ ಮೂಲಕ ಆಹ್ವಾನಿಸಲಾಗಿದೆ. ಇ-ಪೋರ್ಟಲ್‌ನಲ್ಲಿ ಅರ್ಜಿಗಳನ್ನು ಸಲ್ಲಿಸಲು ಆರಂಭ ದಿನಾಂಕ: 05.01.2026 ಮತ್ತು ಕೊನೆಯ ದಿನಾಂಕ: 13.01.2026 ಸಂಜೆ 4.00 ಗಂಟೆ ವರೆಗೆ. ಇ-ಪೋರ್ಟಲ್ ಮೂಲಕ ತಾಂತ್ರಿಕ ಬಿಡ್ ತೆರೆಯುವ ದಿನಾಂಕ: 14.01.2026 ಸಂಜೆ 4.30 ಗಂಟೆ ನಂತರ. ಆರ್ಥಿಕ ಬಿಡ್ ಇ-ಪೋರ್ಟಲ್‌ನಲ್ಲಿ ತೆರೆಯುವ ದಿನಾಂಕ: 16.01.2026 ಬೆಳಿಗ್ಗೆ 11.00 ಗಂಟೆ ನಂತರ. ಹೆಚ್ಚಿನ ವಿವರಗಳನ್ನು ಇ-ಪೋರ್ಟಲ್ ವೆಬ್‌ಸೈಟ್ https://kppp.karnataka.gov.in/ ನಲ್ಲಿ ಪಡೆಯಬಹುದಾಗಿದೆ.
ಸಹಿ/- ಕಾರ್ಯಪಾಲಕ ಅಭಿಯಂತರರು
ಹೇಮಾವತಿ ನಾಲಾ ವಿಭಾಗ, ಹುಳಿಯಾರು
DIPR/TUM/401/KSMCA/2025-26
PRINTED BY: T.S. KRISHNAMURTHY, ANJANADRI PRINTERS, 4th CROSS, VINAYAKA NAGARA, TUMAKURU-572101. KARNATAKA, PUBLISHED BY: MANJUNATHA P.N., S.L.N.BUILDING, KEMPEGOWDA ROAD, AMARAJHOTHYNAGARA, TUMKURU DISTRIKARNATAKA. OWNED BY: MANJUNATHA P.N., S.L.N.BUILDING, KEMPEGOWDA ROAD, AMARAJHOTHYNAGARA, TUMKURU DISTRICT. KARNATAKA.. PRNTED AT: ANJANADRI PRINTERS, 4th CROSS, VINAYAKA NAGARA, TUMAKURU- 572101. KARNATAKA, PUBLISHED AT: TUMAKURU, S.L.N.BUILDING, KEMPEGOWDA ROAD, AMARAJHOTHYNAGARA, TUMKURU DISTRICT. KARNATAKA. EDITOR: MANJUNATHA P.N., S.L.N.BUILDING, KEMPEGOWDA ROAD, AMARAJHOTHYNAGARA, TUMKURU DISTRICT. KARNATAKA.
